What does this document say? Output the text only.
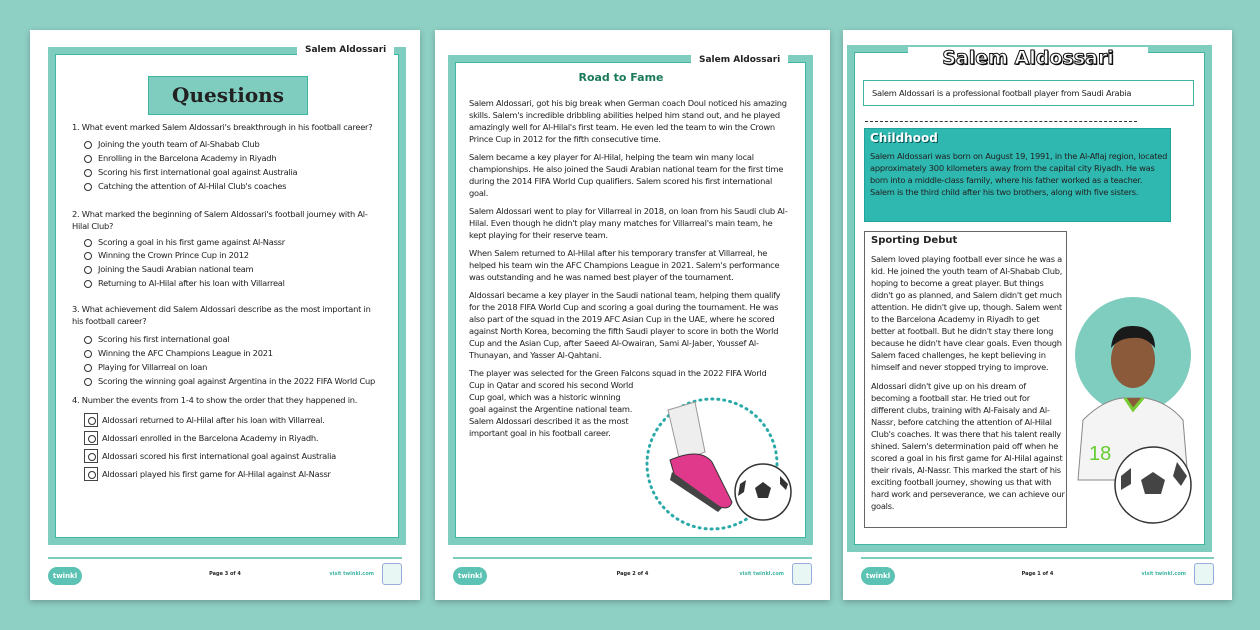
Salem Aldossari
Questions
1. What event marked Salem Aldossari's breakthrough in his football career?
Joining the youth team of Al-Shabab Club
Enrolling in the Barcelona Academy in Riyadh
Scoring his first international goal against Australia
Catching the attention of Al-Hilal Club's coaches
2. What marked the beginning of Salem Aldossari's football journey with Al-Hilal Club?
Scoring a goal in his first game against Al-Nassr
Winning the Crown Prince Cup in 2012
Joining the Saudi Arabian national team
Returning to Al-Hilal after his loan with Villarreal
3. What achievement did Salem Aldossari describe as the most important in his football career?
Scoring his first international goal
Winning the AFC Champions League in 2021
Playing for Villarreal on loan
Scoring the winning goal against Argentina in the 2022 FIFA World Cup
4. Number the events from 1-4 to show the order that they happened in.
Aldossari returned to Al-Hilal after his loan with Villarreal.
Aldossari enrolled in the Barcelona Academy in Riyadh.
Aldossari scored his first international goal against Australia
Aldossari played his first game for Al-Hilal against Al-Nassr
twinkl	Page 3 of 4	visit twinkl.com
Salem Aldossari
Road to Fame

Salem Aldossari, got his big break when German coach Doul noticed his amazing skills. Salem's incredible dribbling abilities helped him stand out, and he played amazingly well for Al-Hilal's first team. He even led the team to win the Crown Prince Cup in 2012 for the fifth consecutive time.

Salem became a key player for Al-Hilal, helping the team win many local championships. He also joined the Saudi Arabian national team for the first time during the 2014 FIFA World Cup qualifiers. Salem scored his first international goal.

Salem Aldossari went to play for Villarreal in 2018, on loan from his Saudi club Al-Hilal. Even though he didn't play many matches for Villarreal's main team, he kept playing for their reserve team.

When Salem returned to Al-Hilal after his temporary transfer at Villarreal, he helped his team win the AFC Champions League in 2021. Salem's performance was outstanding and he was named best player of the tournament.

Aldossari became a key player in the Saudi national team, helping them qualify for the 2018 FIFA World Cup and scoring a goal during the tournament. He was also part of the squad in the 2019 AFC Asian Cup in the UAE, where he scored against North Korea, becoming the fifth Saudi player to score in both the World Cup and the Asian Cup, after Saeed Al-Owairan, Sami Al-Jaber, Youssef Al-Thunayan, and Yasser Al-Qahtani.

The player was selected for the Green Falcons squad in the 2022 FIFA World

Cup in Qatar and scored his second World Cup goal, which was a historic winning goal against the Argentine national team. Salem Aldossari described it as the most important goal in his football career.

twinkl	Page 2 of 4	visit twinkl.com
Salem Aldossari
Salem Aldossari is a professional football player from Saudi Arabia
Childhood
Salem Aldossari was born on August 19, 1991, in the Al-Aflaj region, located approximately 300 kilometers away from the capital city Riyadh. He was born into a middle-class family, where his father worked as a teacher. Salem is the third child after his two brothers, along with five sisters.
Sporting Debut
Salem loved playing football ever since he was a kid. He joined the youth team of Al-Shabab Club, hoping to become a great player. But things didn't go as planned, and Salem didn't get much attention. He didn't give up, though. Salem went to the Barcelona Academy in Riyadh to get better at football. But he didn't stay there long because he didn't have clear goals. Even though Salem faced challenges, he kept believing in himself and never stopped trying to improve.
Aldossari didn't give up on his dream of becoming a football star. He tried out for different clubs, training with Al-Faisaly and Al-Nassr, before catching the attention of Al-Hilal Club's coaches. It was there that his talent really shined. Salem's determination paid off when he scored a goal in his first game for Al-Hilal against their rivals, Al-Nassr. This marked the start of his exciting football journey, showing us that with hard work and perseverance, we can achieve our goals.
18
twinkl	Page 1 of 4	visit twinkl.com
